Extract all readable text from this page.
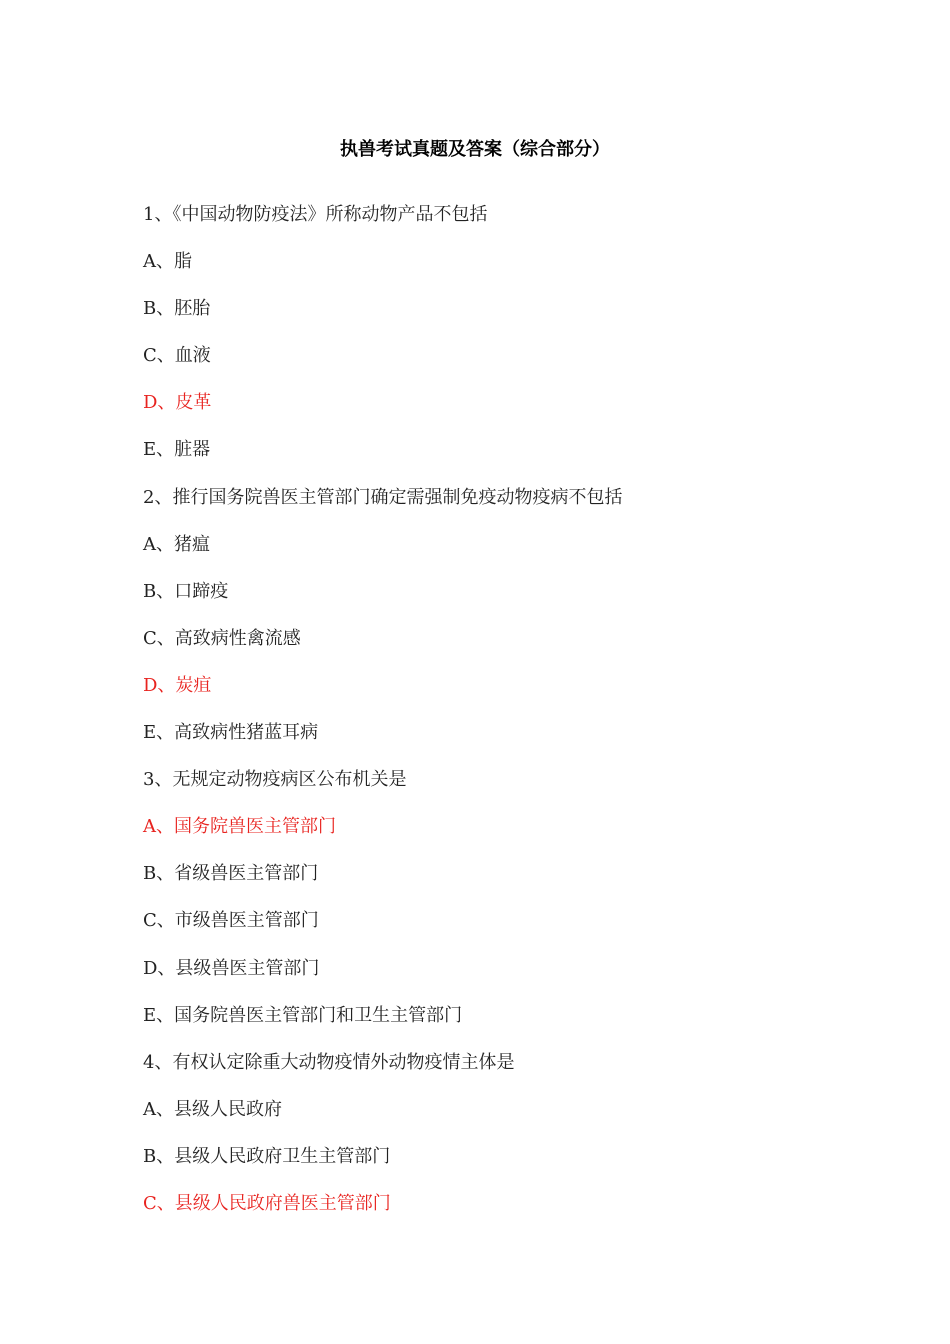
执兽考试真题及答案（综合部分）
1、《中国动物防疫法》所称动物产品不包括
A、脂
B、胚胎
C、血液
D、皮革
E、脏器
2、推行国务院兽医主管部门确定需强制免疫动物疫病不包括
A、猪瘟
B、口蹄疫
C、高致病性禽流感
D、炭疽
E、高致病性猪蓝耳病
3、无规定动物疫病区公布机关是
A、国务院兽医主管部门
B、省级兽医主管部门
C、市级兽医主管部门
D、县级兽医主管部门
E、国务院兽医主管部门和卫生主管部门
4、有权认定除重大动物疫情外动物疫情主体是
A、县级人民政府
B、县级人民政府卫生主管部门
C、县级人民政府兽医主管部门
